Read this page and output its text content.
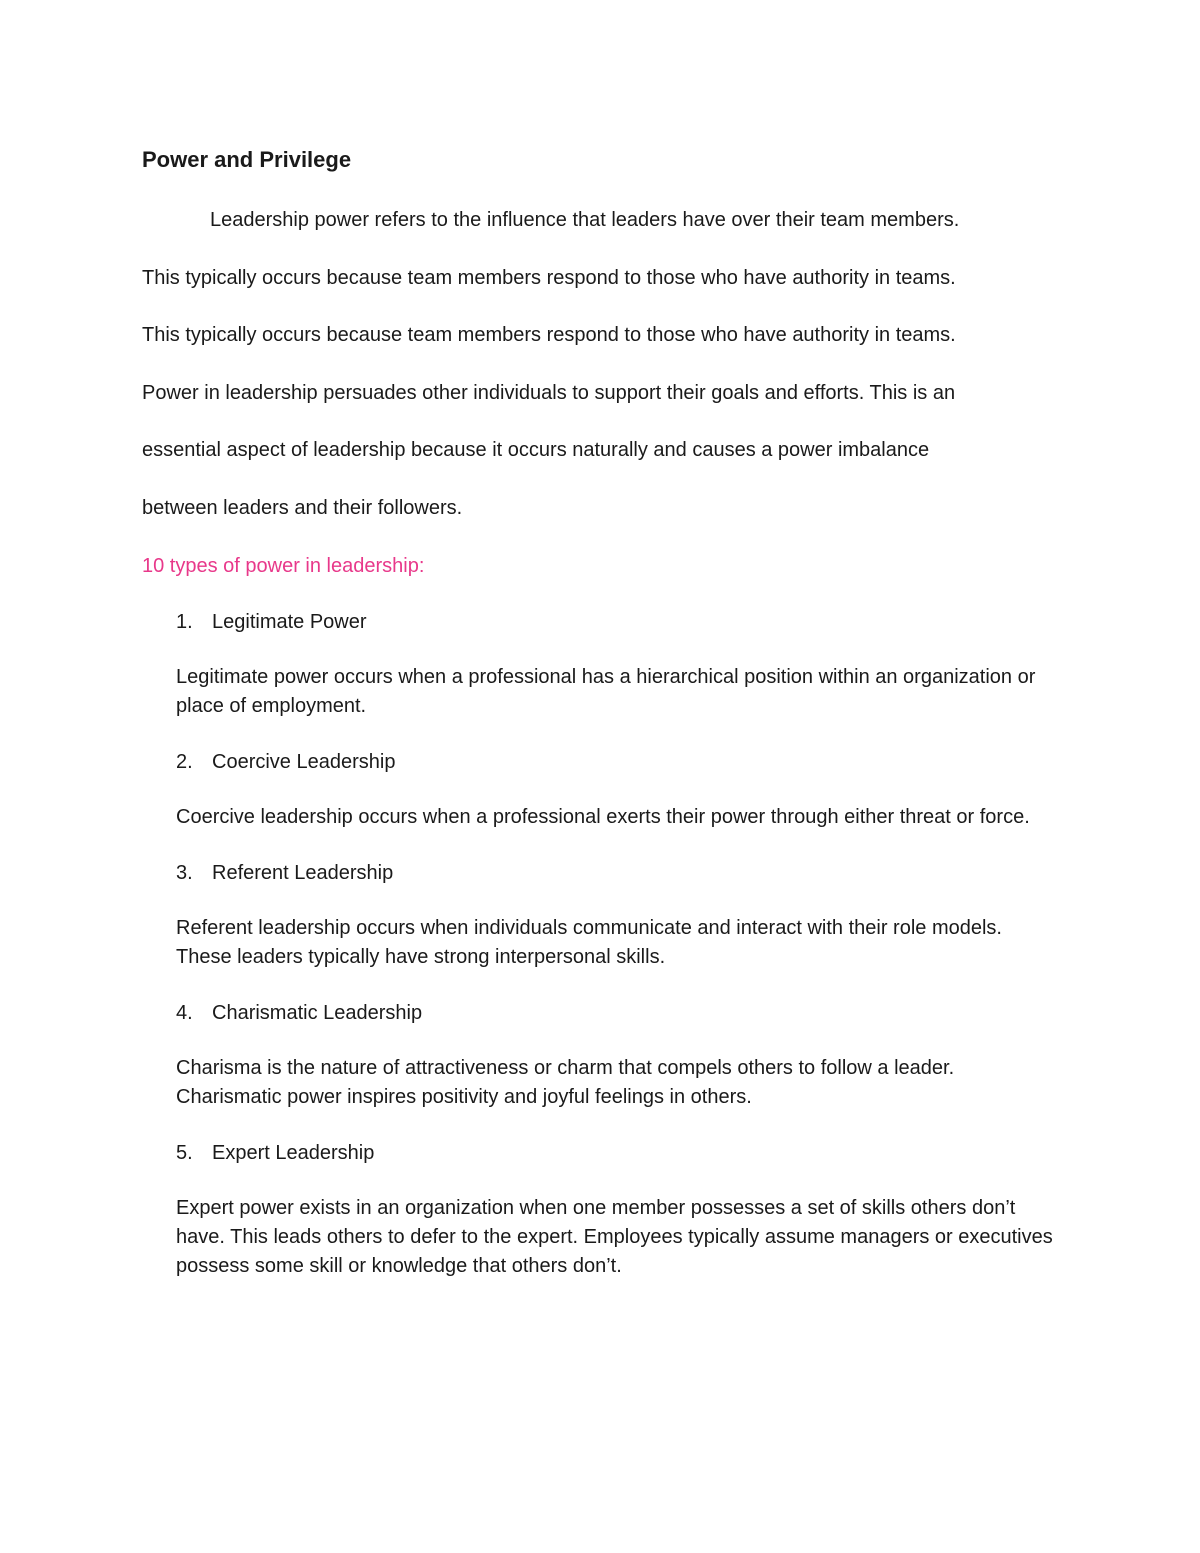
Power and Privilege

Leadership power refers to the influence that leaders have over their team members.
This typically occurs because team members respond to those who have authority in teams.
This typically occurs because team members respond to those who have authority in teams.
Power in leadership persuades other individuals to support their goals and efforts. This is an
essential aspect of leadership because it occurs naturally and causes a power imbalance
between leaders and their followers.

10 types of power in leadership:

1. Legitimate Power
Legitimate power occurs when a professional has a hierarchical position within an organization or place of employment.
2. Coercive Leadership
Coercive leadership occurs when a professional exerts their power through either threat or force.
3. Referent Leadership
Referent leadership occurs when individuals communicate and interact with their role models. These leaders typically have strong interpersonal skills.
4. Charismatic Leadership
Charisma is the nature of attractiveness or charm that compels others to follow a leader. Charismatic power inspires positivity and joyful feelings in others.
5. Expert Leadership
Expert power exists in an organization when one member possesses a set of skills others don’t have. This leads others to defer to the expert. Employees typically assume managers or executives possess some skill or knowledge that others don’t.
